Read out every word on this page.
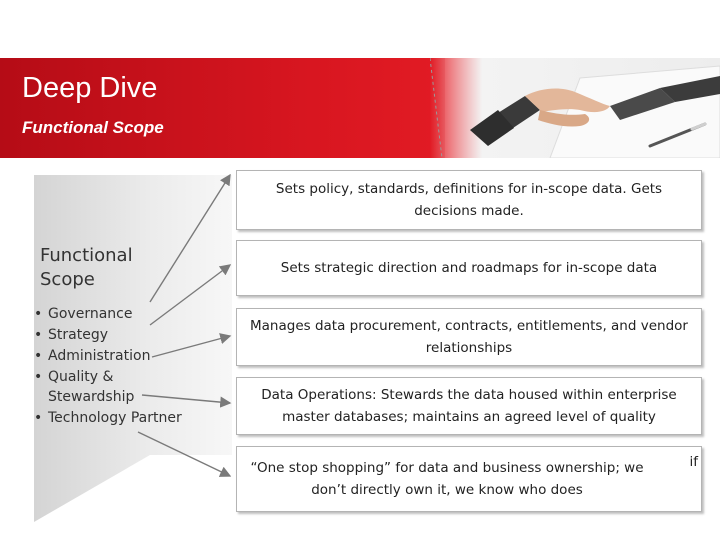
Deep Dive
Functional Scope
Functional Scope
• Governance
• Strategy
• Administration
• Quality & Stewardship
• Technology Partner
Sets policy, standards, definitions for in-scope data. Gets decisions made.
Sets strategic direction and roadmaps for in-scope data
Manages data procurement, contracts, entitlements, and vendor relationships
Data Operations: Stewards the data housed within enterprise master databases; maintains an agreed level of quality
“One stop shopping” for data and business ownership; we don’t directly own it, we know who does
if
